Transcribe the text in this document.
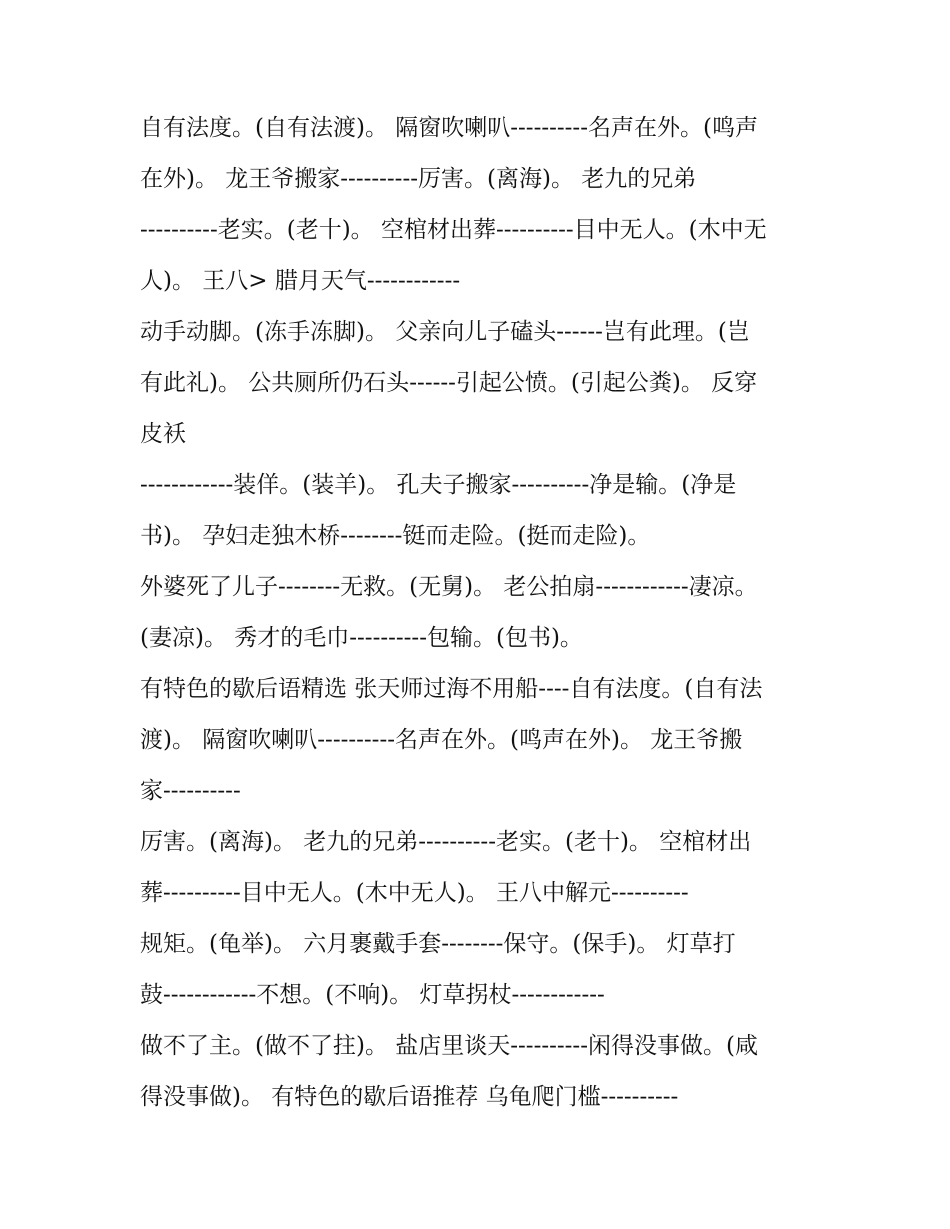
自有法度。(自有法渡)。 隔窗吹喇叭----------名声在外。(鸣声
在外)。 龙王爷搬家----------厉害。(离海)。 老九的兄弟
----------老实。(老十)。 空棺材出葬----------目中无人。(木中无
人)。 王八> 腊月天气------------
动手动脚。(冻手冻脚)。 父亲向儿子磕头------岂有此理。(岂
有此礼)。 公共厕所仍石头------引起公愤。(引起公粪)。 反穿
皮袄
------------装佯。(装羊)。 孔夫子搬家----------净是输。(净是
书)。 孕妇走独木桥--------铤而走险。(挺而走险)。
外婆死了儿子--------无救。(无舅)。 老公拍扇------------凄凉。
(妻凉)。 秀才的毛巾----------包输。(包书)。
有特色的歇后语精选 张天师过海不用船----自有法度。(自有法
渡)。 隔窗吹喇叭----------名声在外。(鸣声在外)。 龙王爷搬
家----------
厉害。(离海)。 老九的兄弟----------老实。(老十)。 空棺材出
葬----------目中无人。(木中无人)。 王八中解元----------
规矩。(龟举)。 六月裹戴手套--------保守。(保手)。 灯草打
鼓------------不想。(不响)。 灯草拐杖------------
做不了主。(做不了拄)。 盐店里谈天----------闲得没事做。(咸
得没事做)。 有特色的歇后语推荐 乌龟爬门槛----------
